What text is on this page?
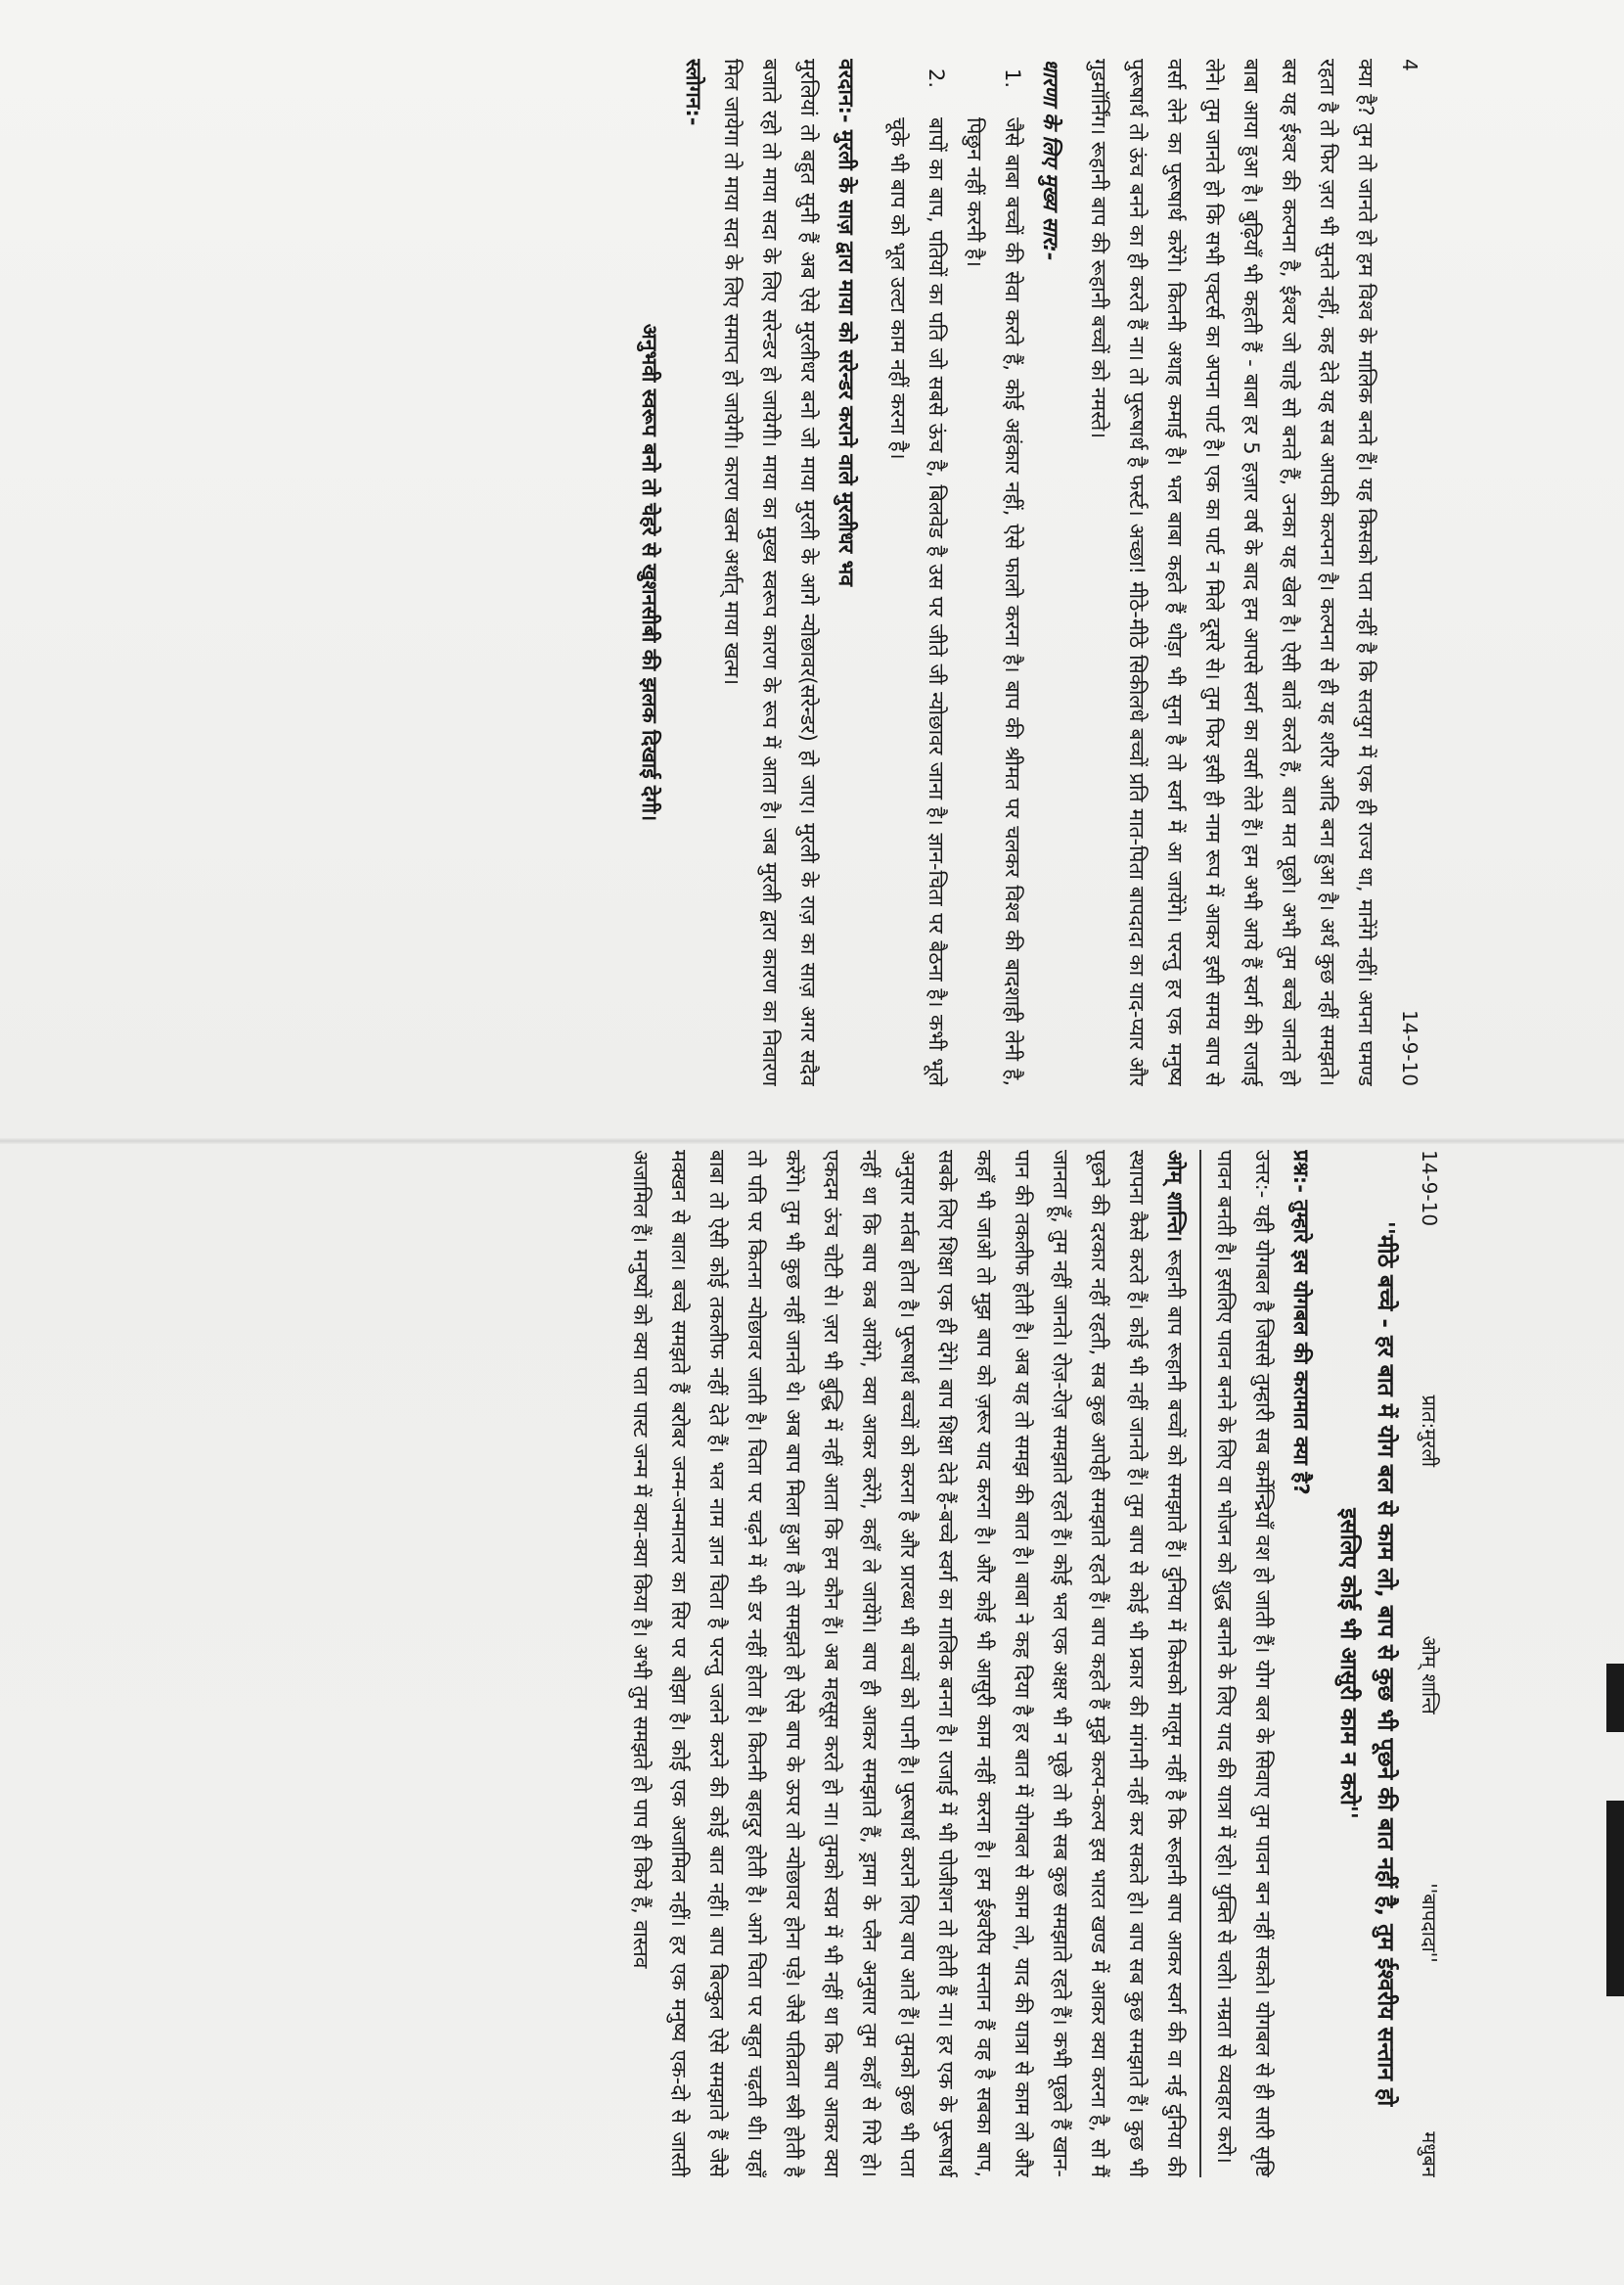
4
14-9-10

क्या है? तुम तो जानते हो हम विश्व के मालिक बनते हैं। यह किसको पता नहीं है कि सतयुग में एक ही राज्य था, मानेंगे नहीं। अपना घमण्ड रहता है तो फिर ज़रा भी सुनते नहीं, कह देते यह सब आपकी कल्पना है। कल्पना से ही यह शरीर आदि बना हुआ है। अर्थ कुछ नहीं समझते। बस यह ईश्वर की कल्पना है, ईश्वर जो चाहे सो बनते हैं, उनका यह खेल है। ऐसी बातें करते हैं, बात मत पूछो। अभी तुम बच्चे जानते हो बाबा आया हुआ है। बुढ़ियाँ भी कहती हैं - बाबा हर 5 हज़ार वर्ष के बाद हम आपसे स्वर्ग का वर्सा लेते हैं। हम अभी आये हैं स्वर्ग की राजाई लेने। तुम जानते हो कि सभी एक्टर्स का अपना पार्ट है। एक का पार्ट न मिले दूसरे से। तुम फिर इसी ही नाम रूप में आकर इसी समय बाप से वर्सा लेने का पुरूषार्थ करेंगे। कितनी अथाह कमाई है। भल बाबा कहते हैं थोड़ा भी सुना है तो स्वर्ग में आ जायेंगे। परन्तु हर एक मनुष्य पुरूषार्थ तो ऊंच बनने का ही करते हैं ना। तो पुरूषार्थ है फर्स्ट। अच्छा! मीठे-मीठे सिकीलधे बच्चों प्रति मात-पिता बापदादा का याद-प्यार और गुडमॉर्निंग। रूहानी बाप की रूहानी बच्चों को नमस्ते।

धारणा के लिए मुख्य सार:-
1.
जैसे बाबा बच्चों की सेवा करते हैं, कोई अहंकार नहीं, ऐसे फालो करना है। बाप की श्रीमत पर चलकर विश्व की बादशाही लेनी है, पिछुन नहीं करनी है।
2.
बापों का बाप, पतियों का पति जो सबसे ऊंच है, बिलवेड है उस पर जीते जी न्योछावर जाना है। ज्ञान-चिता पर बैठना है। कभी भूले चूके भी बाप को भूल उल्टा काम नहीं करना है।
वरदान:- मुरली के साज़ द्वारा माया को सरेन्डर कराने वाले मुरलीधर भव

मुरलियां तो बहुत सुनी हैं अब ऐसे मुरलीधर बनो जो माया मुरली के आगे न्योछावर(सरेन्डर) हो जाए। मुरली के राज़ का साज़ अगर सदैव बजाते रहो तो माया सदा के लिए सरेन्डर हो जायेगी। माया का मुख्य स्वरूप कारण के रूप में आता है। जब मुरली द्वारा कारण का निवारण मिल जायेगा तो माया सदा के लिए समाप्त हो जायेगी। कारण खत्म अर्थात् माया खत्म।

स्लोगन:-
अनुभवी स्वरूप बनो तो चेहरे से खुशनसीबी की झलक दिखाई देगी।
14-9-10
प्रात:मुरली
ओम् शान्ति
''बापदादा''
मधुबन
''मीठे बच्चे - हर बात में योग बल से काम लो, बाप से कुछ भी पूछने की बात नहीं है, तुम ईश्वरीय सन्तान हो इसलिए कोई भी आसुरी काम न करो''
प्रश्न:- तुम्हारे इस योगबल की करामात क्या है?

उत्तर:- यही योगबल है जिससे तुम्हारी सब कर्मेन्द्रियाँ वश हो जाती हैं। योग बल के सिवाए तुम पावन बन नहीं सकते। योगबल से ही सारी सृष्टि पावन बनती है। इसलिए पावन बनने के लिए वा भोजन को शुद्ध बनाने के लिए याद की यात्रा में रहो। युक्ति से चलो। नम्रता से व्यवहार करो।

ओम् शान्ति। रूहानी बाप रूहानी बच्चों को समझाते हैं। दुनिया में किसको मालूम नहीं है कि रूहानी बाप आकर स्वर्ग की वा नई दुनिया की स्थापना कैसे करते हैं। कोई भी नहीं जानते हैं। तुम बाप से कोई भी प्रकार की मांगनी नहीं कर सकते हो। बाप सब कुछ समझाते हैं। कुछ भी पूछने की दरकार नहीं रहती, सब कुछ आपेही समझाते रहते हैं। बाप कहते हैं मुझे कल्प-कल्प इस भारत खण्ड में आकर क्या करना है, सो मैं जानता हूँ, तुम नहीं जानते। रोज़-रोज़ समझाते रहते हैं। कोई भल एक अक्षर भी न पूछे तो भी सब कुछ समझाते रहते हैं। कभी पूछते हैं खान-पान की तकलीफ होती है। अब यह तो समझ की बात है। बाबा ने कह दिया है हर बात में योगबल से काम लो, याद की यात्रा से काम लो और कहाँ भी जाओ तो मुझ बाप को ज़रूर याद करना है। और कोई भी आसुरी काम नहीं करना है। हम ईश्वरीय सन्तान हैं वह है सबका बाप, सबके लिए शिक्षा एक ही देंगे। बाप शिक्षा देते हैं-बच्चे स्वर्ग का मालिक बनना है। राजाई में भी पोजीशन तो होती हैं ना। हर एक के पुरूषार्थ अनुसार मर्तबा होता है। पुरूषार्थ बच्चों को करना है और प्रारब्ध भी बच्चों को पानी है। पुरूषार्थ कराने लिए बाप आते हैं। तुमको कुछ भी पता नहीं था कि बाप कब आयेंगे, क्या आकर करेंगे, कहाँ ले जायेंगे। बाप ही आकर समझाते हैं, ड्रामा के प्लैन अनुसार तुम कहाँ से गिरे हो। एकदम ऊंच चोटी से। ज़रा भी बुद्धि में नहीं आता कि हम कौन हैं। अब महसूस करते हो ना। तुमको स्वप्न में भी नहीं था कि बाप आकर क्या करेंगे। तुम भी कुछ नहीं जानते थे। अब बाप मिला हुआ है तो समझते हो ऐसे बाप के ऊपर तो न्योछावर होना पड़े। जैसे पतिव्रता स्त्री होती है तो पति पर कितना न्योछावर जाती है। चिता पर चढ़ने में भी डर नहीं होता है। कितनी बहादुर होती है। आगे चिता पर बहुत चढ़ती थी। यहाँ बाबा तो ऐसी कोई तकलीफ नहीं देते हैं। भल नाम ज्ञान चिता है परन्तु जलने करने की कोई बात नहीं। बाप बिल्कुल ऐसे समझाते हैं जैसे मक्खन से बाल। बच्चे समझते हैं बरोबर जन्म-जन्मान्तर का सिर पर बोझा है। कोई एक अजामिल नहीं। हर एक मनुष्य एक-दो से जास्ती अजामिल हैं। मनुष्यों को क्या पता पास्ट जन्म में क्या-क्या किया है। अभी तुम समझते हो पाप ही किये हैं, वास्तव
